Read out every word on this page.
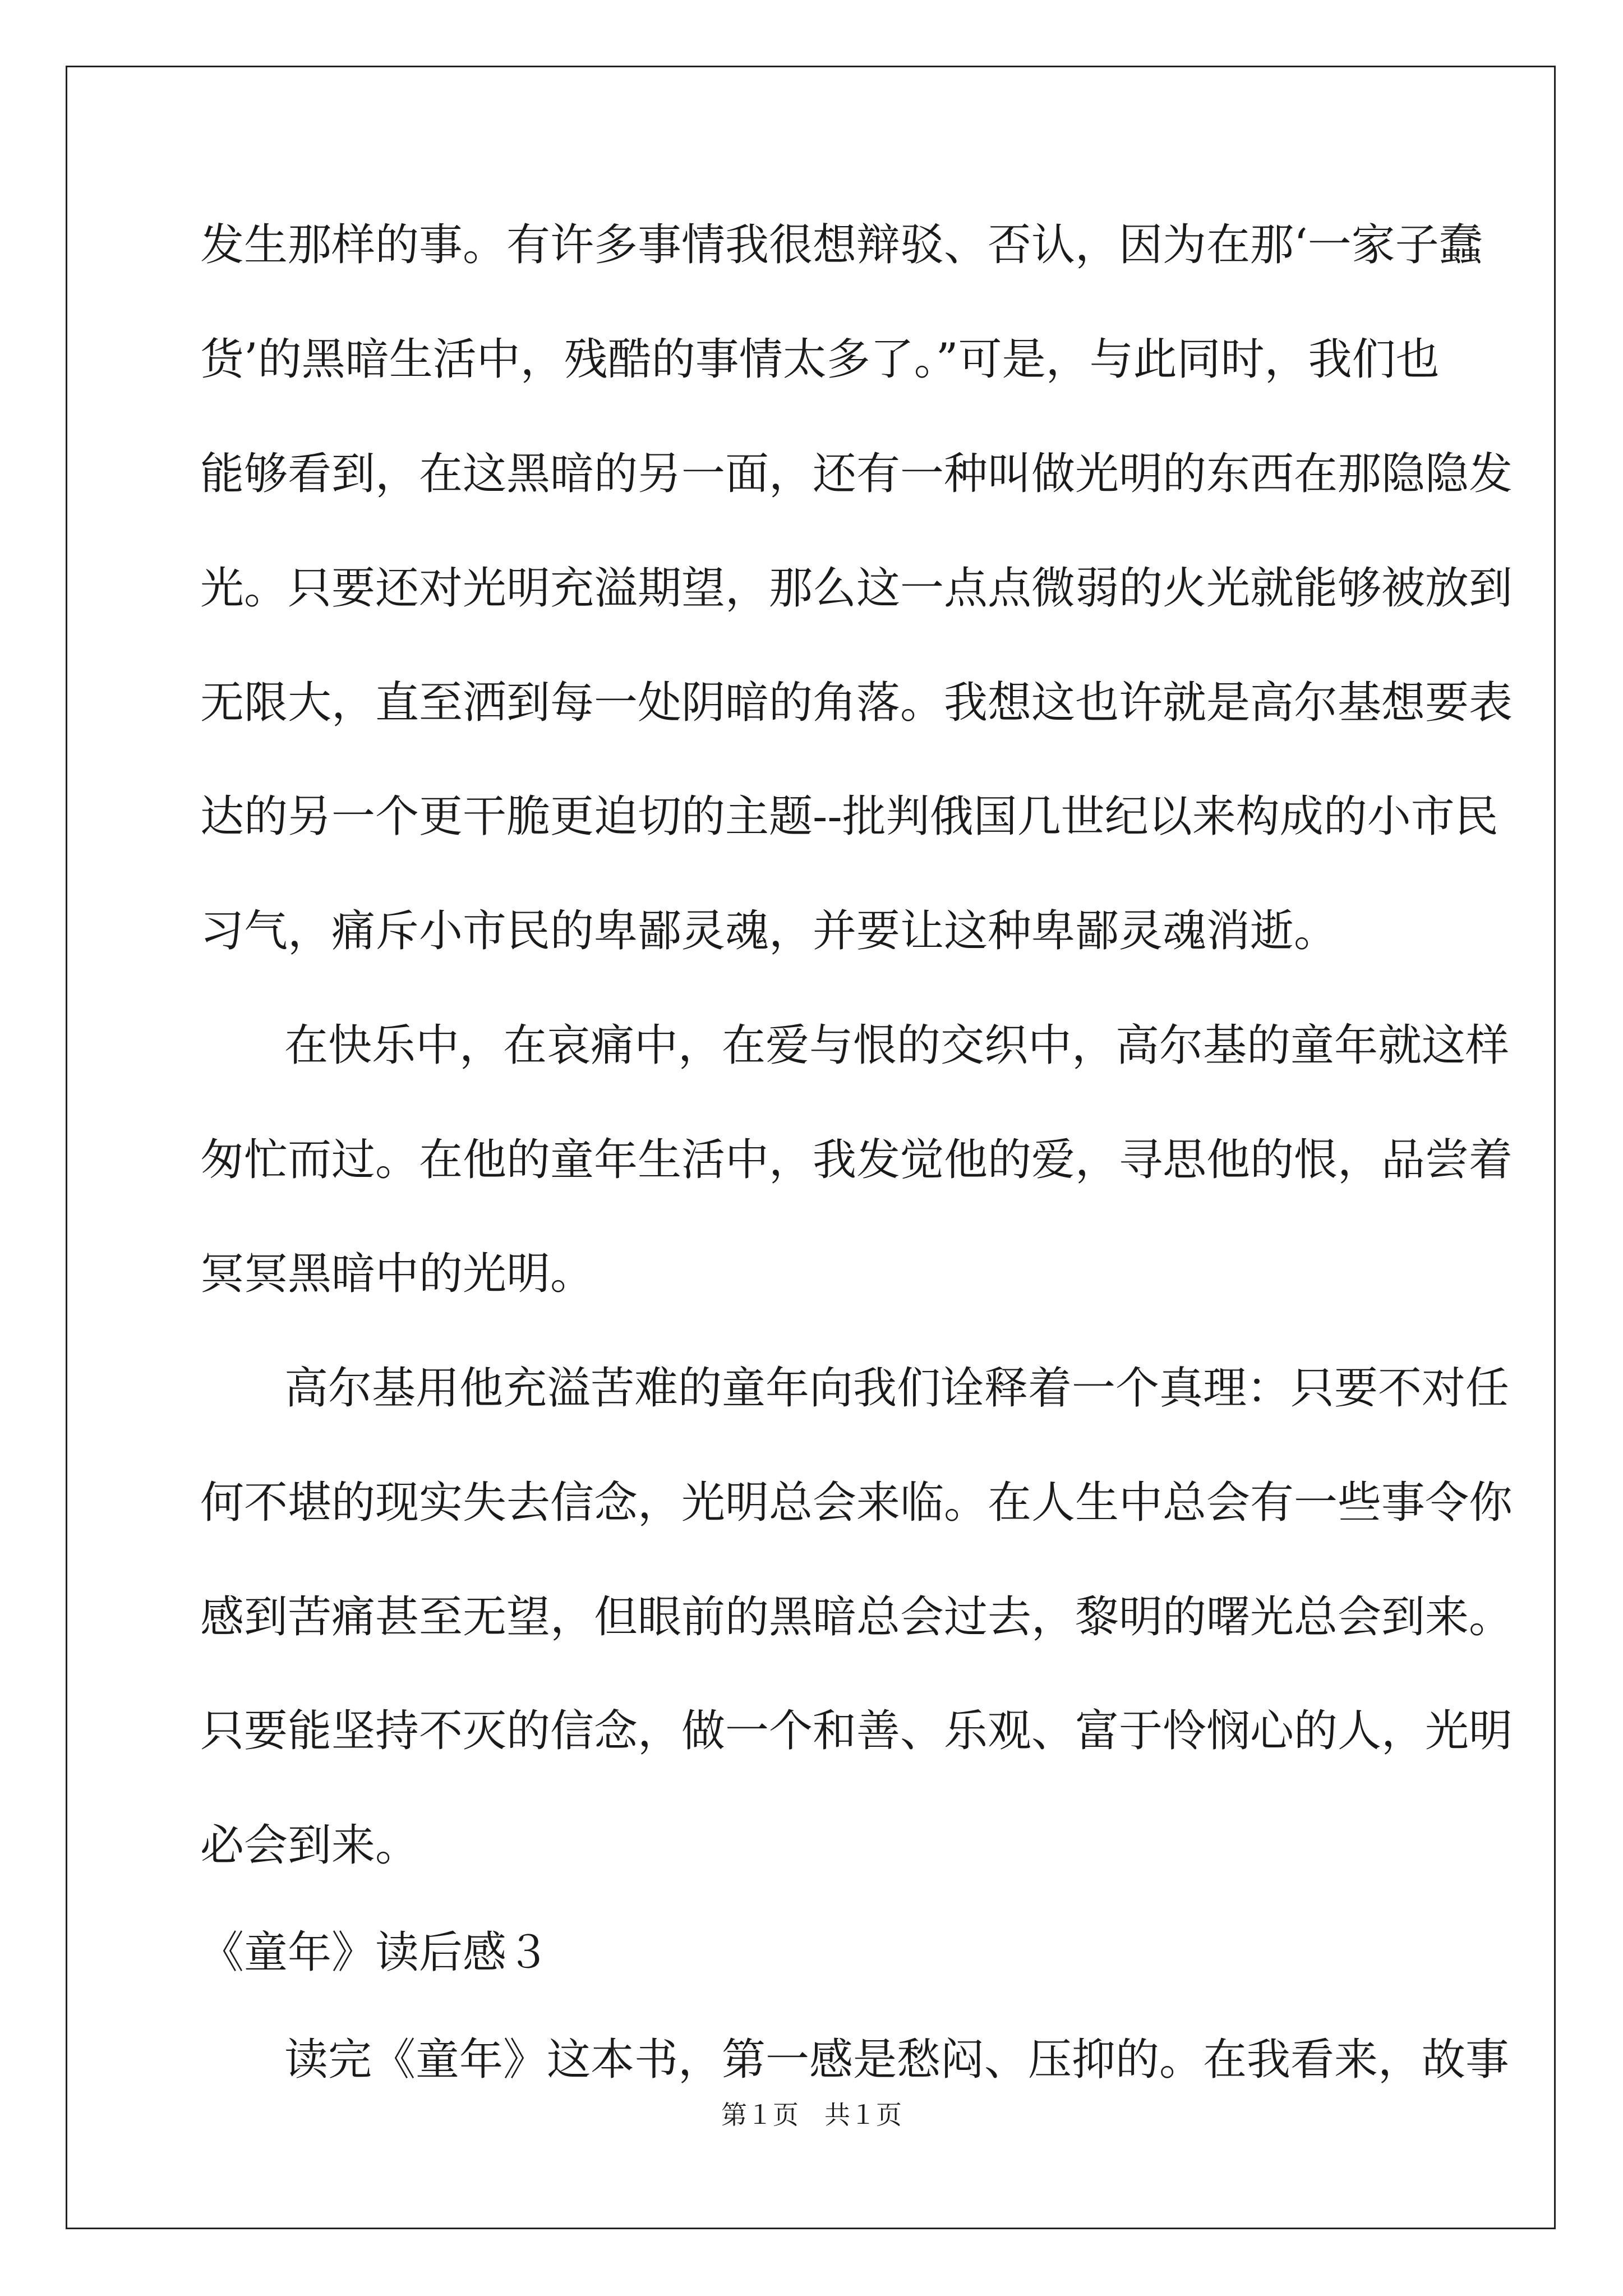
发生那样的事。有许多事情我很想辩驳、否认，因为在那‘一家子蠢

货’的黑暗生活中，残酷的事情太多了。”可是，与此同时，我们也

能够看到，在这黑暗的另一面，还有一种叫做光明的东西在那隐隐发

光。只要还对光明充溢期望，那么这一点点微弱的火光就能够被放到

无限大，直至洒到每一处阴暗的角落。我想这也许就是高尔基想要表

达的另一个更干脆更迫切的主题--批判俄国几世纪以来构成的小市民

习气，痛斥小市民的卑鄙灵魂，并要让这种卑鄙灵魂消逝。

在快乐中，在哀痛中，在爱与恨的交织中，高尔基的童年就这样

匆忙而过。在他的童年生活中，我发觉他的爱，寻思他的恨，品尝着

冥冥黑暗中的光明。

高尔基用他充溢苦难的童年向我们诠释着一个真理：只要不对任

何不堪的现实失去信念，光明总会来临。在人生中总会有一些事令你

感到苦痛甚至无望，但眼前的黑暗总会过去，黎明的曙光总会到来。

只要能坚持不灭的信念，做一个和善、乐观、富于怜悯心的人，光明

必会到来。

《童年》读后感３

读完《童年》这本书，第一感是愁闷、压抑的。在我看来，故事

第１页　共１页
